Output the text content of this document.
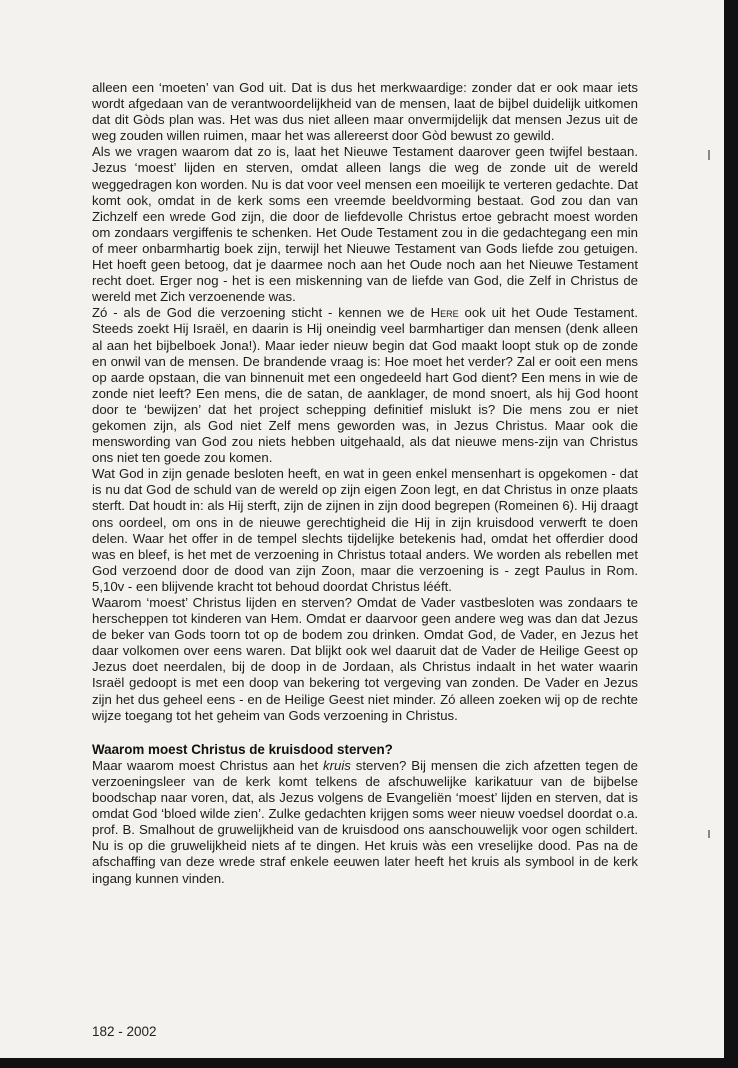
alleen een ‘moeten’ van God uit. Dat is dus het merkwaardige: zonder dat er ook maar iets wordt afgedaan van de verantwoordelijkheid van de mensen, laat de bijbel duidelijk uitkomen dat dit Gòds plan was. Het was dus niet alleen maar onvermijdelijk dat mensen Jezus uit de weg zouden willen ruimen, maar het was allereerst door Gòd bewust zo gewild.

Als we vragen waarom dat zo is, laat het Nieuwe Testament daarover geen twijfel bestaan. Jezus ‘moest’ lijden en sterven, omdat alleen langs die weg de zonde uit de wereld weggedragen kon worden. Nu is dat voor veel mensen een moeilijk te verteren gedachte. Dat komt ook, omdat in de kerk soms een vreemde beeldvorming bestaat. God zou dan van Zichzelf een wrede God zijn, die door de liefdevolle Christus ertoe gebracht moest worden om zondaars vergiffenis te schenken. Het Oude Testament zou in die gedachtegang een min of meer onbarmhartig boek zijn, terwijl het Nieuwe Testament van Gods liefde zou getuigen. Het hoeft geen betoog, dat je daarmee noch aan het Oude noch aan het Nieuwe Testament recht doet. Erger nog - het is een miskenning van de liefde van God, die Zelf in Christus de wereld met Zich verzoenende was.

Zó - als de God die verzoening sticht - kennen we de Here ook uit het Oude Testament. Steeds zoekt Hij Israël, en daarin is Hij oneindig veel barmhartiger dan mensen (denk alleen al aan het bijbelboek Jona!). Maar ieder nieuw begin dat God maakt loopt stuk op de zonde en onwil van de mensen. De brandende vraag is: Hoe moet het verder? Zal er ooit een mens op aarde opstaan, die van binnenuit met een ongedeeld hart God dient? Een mens in wie de zonde niet leeft? Een mens, die de satan, de aanklager, de mond snoert, als hij God hoont door te ‘bewijzen’ dat het project schepping definitief mislukt is? Die mens zou er niet gekomen zijn, als God niet Zelf mens geworden was, in Jezus Christus. Maar ook die menswording van God zou niets hebben uitgehaald, als dat nieuwe mens-zijn van Christus ons niet ten goede zou komen.

Wat God in zijn genade besloten heeft, en wat in geen enkel mensenhart is opgekomen - dat is nu dat God de schuld van de wereld op zijn eigen Zoon legt, en dat Christus in onze plaats sterft. Dat houdt in: als Hij sterft, zijn de zijnen in zijn dood begrepen (Romeinen 6). Hij draagt ons oordeel, om ons in de nieuwe gerechtigheid die Hij in zijn kruisdood verwerft te doen delen. Waar het offer in de tempel slechts tijdelijke betekenis had, omdat het offerdier dood was en bleef, is het met de verzoening in Christus totaal anders. We worden als rebellen met God verzoend door de dood van zijn Zoon, maar die verzoening is - zegt Paulus in Rom. 5,10v - een blijvende kracht tot behoud doordat Christus lééft.

Waarom ‘moest’ Christus lijden en sterven? Omdat de Vader vastbesloten was zondaars te herscheppen tot kinderen van Hem. Omdat er daarvoor geen andere weg was dan dat Jezus de beker van Gods toorn tot op de bodem zou drinken. Omdat God, de Vader, en Jezus het daar volkomen over eens waren. Dat blijkt ook wel daaruit dat de Vader de Heilige Geest op Jezus doet neerdalen, bij de doop in de Jordaan, als Christus indaalt in het water waarin Israël gedoopt is met een doop van bekering tot vergeving van zonden. De Vader en Jezus zijn het dus geheel eens - en de Heilige Geest niet minder. Zó alleen zoeken wij op de rechte wijze toegang tot het geheim van Gods verzoening in Christus.

Waarom moest Christus de kruisdood sterven?

Maar waarom moest Christus aan het kruis sterven? Bij mensen die zich afzetten tegen de verzoeningsleer van de kerk komt telkens de afschuwelijke karikatuur van de bijbelse boodschap naar voren, dat, als Jezus volgens de Evangeliën ‘moest’ lijden en sterven, dat is omdat God ‘bloed wilde zien’. Zulke gedachten krijgen soms weer nieuw voedsel doordat o.a. prof. B. Smalhout de gruwelijkheid van de kruisdood ons aanschouwelijk voor ogen schildert. Nu is op die gruwelijkheid niets af te dingen. Het kruis wàs een vreselijke dood. Pas na de afschaffing van deze wrede straf enkele eeuwen later heeft het kruis als symbool in de kerk ingang kunnen vinden.

182 - 2002
